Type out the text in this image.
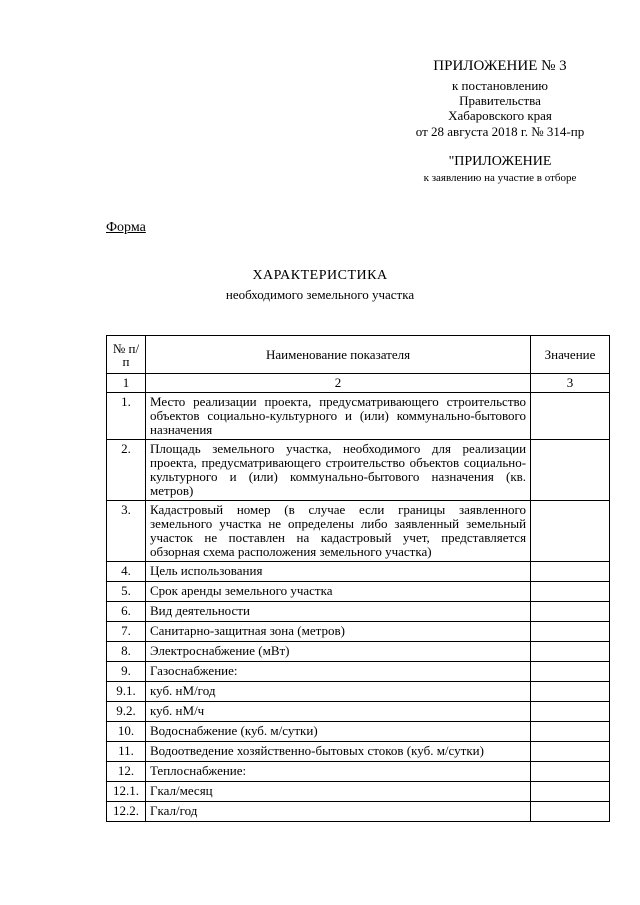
ПРИЛОЖЕНИЕ № 3
к постановлению
Правительства
Хабаровского края
от 28 августа 2018 г. № 314-пр
"ПРИЛОЖЕНИЕ
к заявлению на участие в отборе
Форма
ХАРАКТЕРИСТИКА
необходимого земельного участка
№ п/п	Наименование показателя	Значение
1	2	3
1.	Место реализации проекта, предусматривающего строительство объектов социально-культурного и (или) коммунально-бытового назначения	
2.	Площадь земельного участка, необходимого для реализации проекта, предусматривающего строительство объектов социально-культурного и (или) коммунально-бытового назначения (кв. метров)	
3.	Кадастровый номер (в случае если границы заявленного земельного участка не определены либо заявленный земельный участок не поставлен на кадастровый учет, представляется обзорная схема расположения земельного участка)	
4.	Цель использования	
5.	Срок аренды земельного участка	
6.	Вид деятельности	
7.	Санитарно-защитная зона (метров)	
8.	Электроснабжение (мВт)	
9.	Газоснабжение:	
9.1.	куб. нМ/год	
9.2.	куб. нМ/ч	
10.	Водоснабжение (куб. м/сутки)	
11.	Водоотведение хозяйственно-бытовых стоков (куб. м/сутки)	
12.	Теплоснабжение:	
12.1.	Гкал/месяц	
12.2.	Гкал/год	
